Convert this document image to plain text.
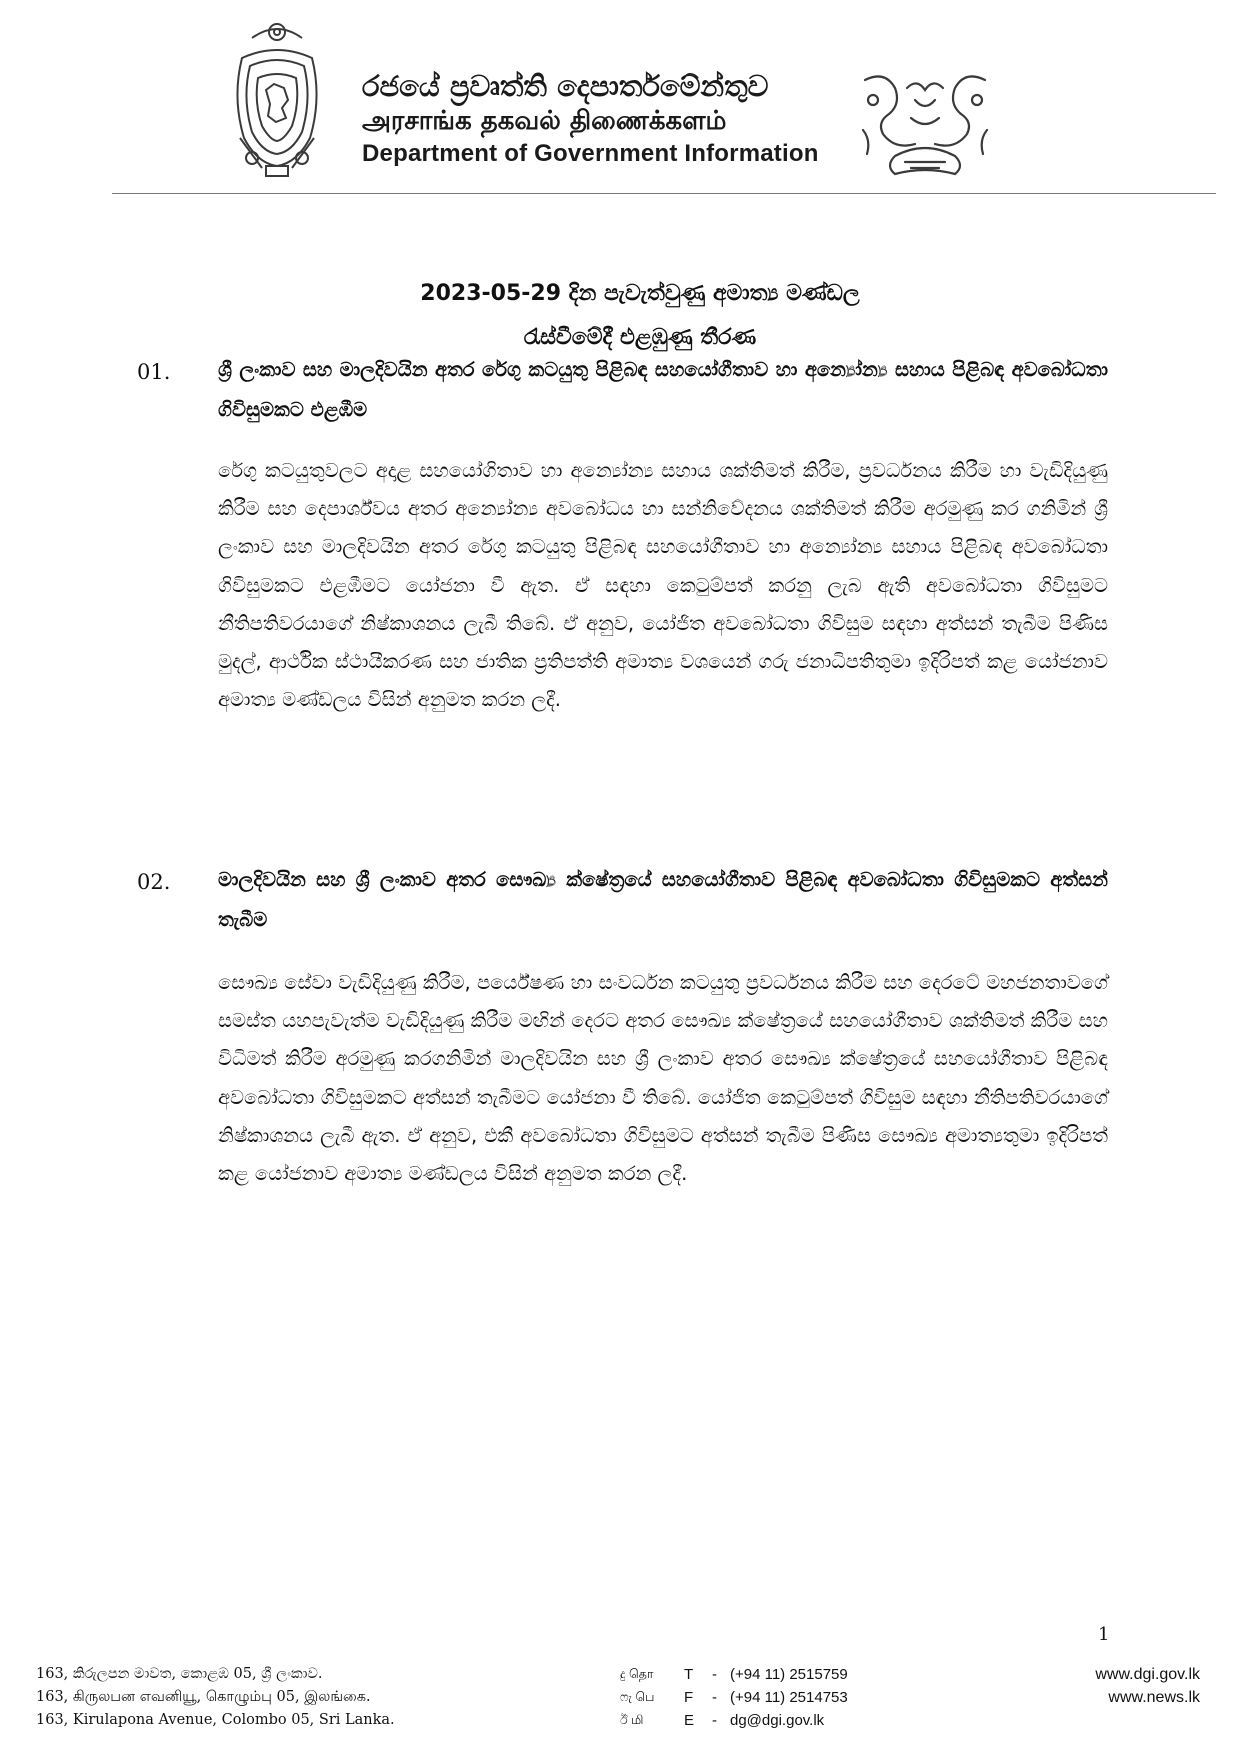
රජයේ ප්‍රවෘත්ති දෙපාර්තමේන්තුව
அரசாங்க தகவல் திணைக்களம்
Department of Government Information
2023-05-29 දින පැවැත්වුණු අමාත්‍ය මණ්ඩල
රැස්වීමේදී එළඹුණු තීරණ
01. ශ්‍රී ලංකාව සහ මාලදිවයින අතර රේගු කටයුතු පිළිබඳ සහයෝගීතාව හා අන්‍යෝන්‍ය සහාය පිළිබඳ අවබෝධතා ගිවිසුමකට එළඹීම
රේගු කටයුතුවලට අදාළ සහයෝගිතාව හා අන්‍යෝන්‍ය සහාය ශක්තිමත් කිරීම, ප්‍රවර්ධනය කිරීම හා වැඩිදියුණු කිරීම සහ දෙපාර්ශ්වය අතර අන්‍යෝන්‍ය අවබෝධය හා සන්නිවේදනය ශක්තිමත් කිරීම අරමුණු කර ගනිමින් ශ්‍රී ලංකාව සහ මාලදිවයින අතර රේගු කටයුතු පිළිබඳ සහයෝගීතාව හා අන්‍යෝන්‍ය සහාය පිළිබඳ අවබෝධතා ගිවිසුමකට එළඹීමට යෝජනා වී ඇත. ඒ සඳහා කෙටුම්පත් කරනු ලැබ ඇති අවබෝධතා ගිවිසුමට නීතිපතිවරයාගේ නිෂ්කාශනය ලැබී තිබේ. ඒ අනුව, යෝජිත අවබෝධතා ගිවිසුම සඳහා අත්සන් තැබීම පිණිස මුදල්, ආර්ථික ස්ථායීකරණ සහ ජාතික ප්‍රතිපත්ති අමාත්‍ය වශයෙන් ගරු ජනාධිපතිතුමා ඉදිරිපත් කළ යෝජනාව අමාත්‍ය මණ්ඩලය විසින් අනුමත කරන ලදී.
02. මාලදිවයින සහ ශ්‍රී ලංකාව අතර සෞඛ්‍ය ක්ෂේත්‍රයේ සහයෝගීතාව පිළිබඳ අවබෝධතා ගිවිසුමකට අත්සන් තැබීම
සෞඛ්‍ය සේවා වැඩිදියුණු කිරීම, පර්යේෂණ හා සංවර්ධන කටයුතු ප්‍රවර්ධනය කිරීම සහ දෙරටේ මහජනතාවගේ සමස්ත යහපැවැත්ම වැඩිදියුණු කිරීම මඟින් දෙරට අතර සෞඛ්‍ය ක්ෂේත්‍රයේ සහයෝගීතාව ශක්තිමත් කිරීම සහ විධිමත් කිරීම අරමුණු කරගනිමින් මාලදිවයින සහ ශ්‍රී ලංකාව අතර සෞඛ්‍ය ක්ෂේත්‍රයේ සහයෝගීතාව පිළිබඳ අවබෝධතා ගිවිසුමකට අත්සන් තැබීමට යෝජනා වී තිබේ. යෝජිත කෙටුම්පත් ගිවිසුම සඳහා නීතිපතිවරයාගේ නිෂ්කාශනය ලැබී ඇත. ඒ අනුව, එකී අවබෝධතා ගිවිසුමට අත්සන් තැබීම පිණිස සෞඛ්‍ය අමාත්‍යතුමා ඉදිරිපත් කළ යෝජනාව අමාත්‍ය මණ්ඩලය විසින් අනුමත කරන ලදී.
1
163, කිරුලපන මාවත, කොළඹ 05, ශ්‍රී ලංකාව.
163, கிருலபன எவனியூ, கொழும்பு 05, இலங்கை.
163, Kirulapona Avenue, Colombo 05, Sri Lanka.
දු தொ	T	- (+94 11) 2515759
ෆැ பெ	F	- (+94 11) 2514753
ඊ மி	E	- dg@dgi.gov.lk
www.dgi.gov.lk
www.news.lk
